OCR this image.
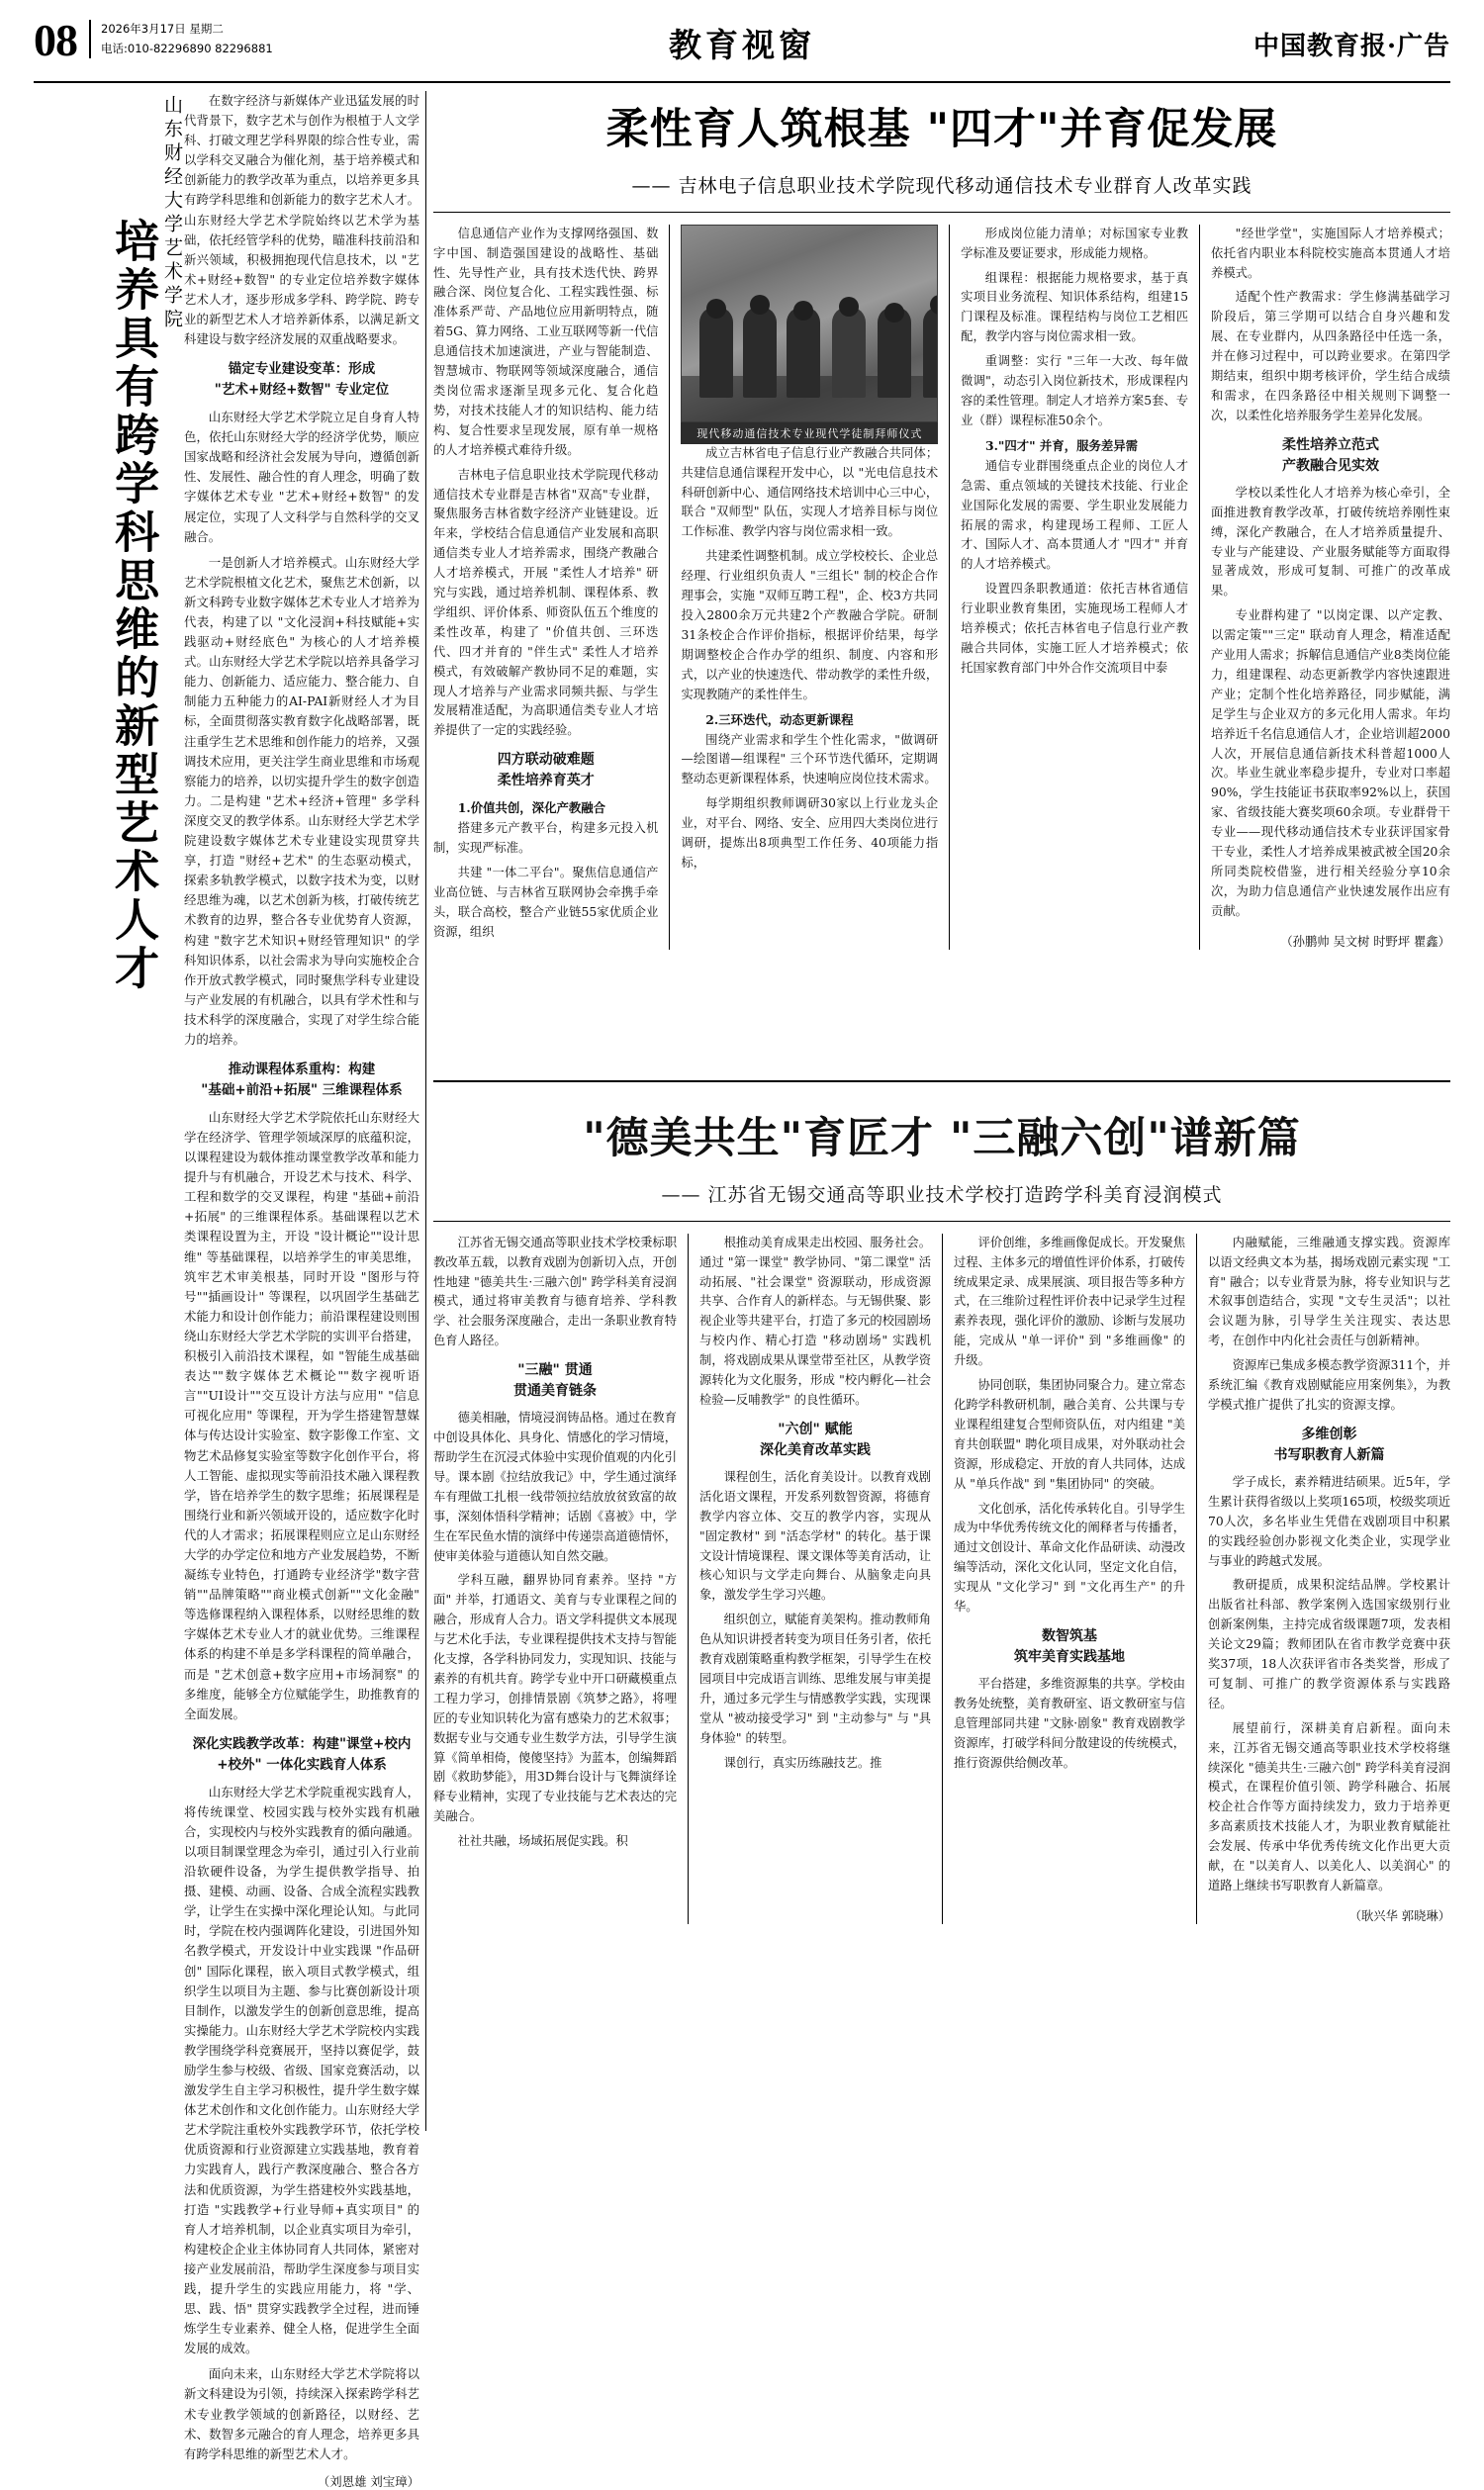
08 2026年3月17日 星期二
电话:010-82296890 82296881	教育视窗	中国教育报·广告
山东财经大学艺术学院
培养具有跨学科思维的新型艺术人才

在数字经济与新媒体产业迅猛发展的时代背景下，数字艺术与创作为根植于人文学科、打破文理艺学科界限的综合性专业，需以学科交叉融合为催化剂，基于培养模式和创新能力的教学改革为重点，以培养更多具有跨学科思维和创新能力的数字艺术人才。山东财经大学艺术学院始终以艺术学为基础，依托经管学科的优势，瞄准科技前沿和新兴领域，积极拥抱现代信息技术，以 "艺术+财经+数智" 的专业定位培养数字媒体艺术人才，逐步形成多学科、跨学院、跨专业的新型艺术人才培养新体系，以满足新文科建设与数字经济发展的双重战略要求。

锚定专业建设变革：形成
"艺术+财经+数智" 专业定位

山东财经大学艺术学院立足自身育人特色，依托山东财经大学的经济学优势，顺应国家战略和经济社会发展为导向，遵循创新性、发展性、融合性的育人理念，明确了数字媒体艺术专业 "艺术+财经+数智" 的发展定位，实现了人文科学与自然科学的交叉融合。

一是创新人才培养模式。山东财经大学艺术学院根植文化艺术，聚焦艺术创新，以新文科跨专业数字媒体艺术专业人才培养为代表，构建了以 "文化浸润+科技赋能+实践驱动+财经底色" 为核心的人才培养模式。山东财经大学艺术学院以培养具备学习能力、创新能力、适应能力、整合能力、自制能力五种能力的AI-PAI新财经人才为目标，全面贯彻落实教育数字化战略部署，既注重学生艺术思维和创作能力的培养，又强调技术应用，更关注学生商业思维和市场观察能力的培养，以切实提升学生的数字创造力。二是构建 "艺术+经济+管理" 多学科深度交叉的教学体系。山东财经大学艺术学院建设数字媒体艺术专业建设实现贯穿共享，打造 "财经+艺术" 的生态驱动模式，探索多轨教学模式，以数字技术为变，以财经思维为魂，以艺术创新为核，打破传统艺术教育的边界，整合各专业优势育人资源，构建 "数字艺术知识+财经管理知识" 的学科知识体系，以社会需求为导向实施校企合作开放式教学模式，同时聚焦学科专业建设与产业发展的有机融合，以具有学术性和与技术科学的深度融合，实现了对学生综合能力的培养。

推动课程体系重构：构建
"基础+前沿+拓展" 三维课程体系

山东财经大学艺术学院依托山东财经大学在经济学、管理学领域深厚的底蕴积淀，以课程建设为载体推动课堂教学改革和能力提升与有机融合，开设艺术与技术、科学、工程和数学的交叉课程，构建 "基础+前沿+拓展" 的三维课程体系。基础课程以艺术类课程设置为主，开设 "设计概论""设计思维" 等基础课程，以培养学生的审美思维，筑牢艺术审美根基，同时开设 "图形与符号""插画设计" 等课程，以巩固学生基础艺术能力和设计创作能力；前沿课程建设则围绕山东财经大学艺术学院的实训平台搭建，积极引入前沿技术课程，如 "智能生成基础表达""数字媒体艺术概论""数字视听语言""UI设计""交互设计方法与应用" "信息可视化应用" 等课程，开为学生搭建智慧媒体与传达设计实验室、数字影像工作室、文物艺术品修复实验室等数字化创作平台，将人工智能、虚拟现实等前沿技术融入课程教学，皆在培养学生的数字思维；拓展课程是围绕行业和新兴领域开设的，适应数字化时代的人才需求；拓展课程则应立足山东财经大学的办学定位和地方产业发展趋势，不断凝练专业特色，打通跨专业经济学"数字营销""品牌策略""商业模式创新""文化金融" 等选修课程纳入课程体系，以财经思维的数字媒体艺术专业人才的就业优势。三维课程体系的构建不单是多学科课程的简单融合，而是 "艺术创意+数字应用+市场洞察" 的多维度，能够全方位赋能学生，助推教育的全面发展。

深化实践教学改革：构建"课堂+校内+校外" 一体化实践育人体系

山东财经大学艺术学院重视实践育人，将传统课堂、校园实践与校外实践有机融合，实现校内与校外实践教育的循向融通。以项目制课堂理念为牵引，通过引入行业前沿软硬件设备，为学生提供教学指导、拍摄、建模、动画、设备、合成全流程实践教学，让学生在实操中深化理论认知。与此同时，学院在校内强调阵化建设，引进国外知名教学模式，开发设计中业实践课 "作品研创" 国际化课程，嵌入项目式教学模式，组织学生以项目为主题、参与比赛创新设计项目制作，以激发学生的创新创意思维，提高实操能力。山东财经大学艺术学院校内实践教学围绕学科竞赛展开，坚持以赛促学，鼓励学生参与校级、省级、国家竞赛活动，以激发学生自主学习积极性，提升学生数字媒体艺术创作和文化创作能力。山东财经大学艺术学院注重校外实践教学环节，依托学校优质资源和行业资源建立实践基地，教育着力实践育人，践行产教深度融合、整合各方法和优质资源，为学生搭建校外实践基地，打造 "实践教学+行业导师+真实项目" 的育人才培养机制，以企业真实项目为牵引，构建校企企业主体协同育人共同体，紧密对接产业发展前沿，帮助学生深度参与项目实践，提升学生的实践应用能力，将 "学、思、践、悟" 贯穿实践教学全过程，进而锤炼学生专业素养、健全人格，促进学生全面发展的成效。

面向未来，山东财经大学艺术学院将以新文科建设为引领，持续深入探索跨学科艺术专业教学领域的创新路径，以财经、艺术、数智多元融合的育人理念，培养更多具有跨学科思维的新型艺术人才。

（刘恩雄 刘宝璋）
柔性育人筑根基 "四才"并育促发展
—— 吉林电子信息职业技术学院现代移动通信技术专业群育人改革实践

信息通信产业作为支撑网络强国、数字中国、制造强国建设的战略性、基础性、先导性产业，具有技术迭代快、跨界融合深、岗位复合化、工程实践性强、标准体系严苛、产品地位应用新明特点，随着5G、算力网络、工业互联网等新一代信息通信技术加速演进，产业与智能制造、智慧城市、物联网等领域深度融合，通信类岗位需求逐渐呈现多元化、复合化趋势，对技术技能人才的知识结构、能力结构、复合性要求呈现发展，原有单一规格的人才培养模式难待升级。

吉林电子信息职业技术学院现代移动通信技术专业群是吉林省"双高"专业群，聚焦服务吉林省数字经济产业链建设。近年来，学校结合信息通信产业发展和高职通信类专业人才培养需求，围绕产教融合人才培养模式，开展 "柔性人才培养" 研究与实践，通过培养机制、课程体系、教学组织、评价体系、师资队伍五个维度的柔性改革，构建了 "价值共创、三环迭代、四才并育的 "伴生式" 柔性人才培养模式，有效破解产教协同不足的难题，实现人才培养与产业需求同频共振、与学生发展精准适配，为高职通信类专业人才培养提供了一定的实践经验。

四方联动破难题
柔性培养育英才
1.价值共创，深化产教融合

搭建多元产教平台，构建多元投入机制，实现严标准。

共建 "一体二平台"。聚焦信息通信产业高位链、与吉林省互联网协会牵携手牵头，联合高校，整合产业链55家优质企业资源，组织

现代移动通信技术专业现代学徒制拜师仪式

成立吉林省电子信息行业产教融合共同体；共建信息通信课程开发中心，以 "光电信息技术科研创新中心、通信网络技术培训中心三中心，联合 "双师型" 队伍，实现人才培养目标与岗位工作标准、教学内容与岗位需求相一致。

共建柔性调整机制。成立学校校长、企业总经理、行业组织负责人 "三组长" 制的校企合作理事会，实施 "双师互聘工程"，企、校3方共同投入2800余万元共建2个产教融合学院。研制31条校企合作评价指标，根据评价结果，每学期调整校企合作办学的组织、制度、内容和形式，以产业的快速迭代、带动教学的柔性升级，实现教随产的柔性伴生。

2.三环迭代，动态更新课程

围绕产业需求和学生个性化需求，"做调研—绘图谱—组课程" 三个环节迭代循环，定期调整动态更新课程体系，快速响应岗位技术需求。

每学期组织教师调研30家以上行业龙头企业，对平台、网络、安全、应用四大类岗位进行调研，提炼出8项典型工作任务、40项能力指标，

形成岗位能力清单；对标国家专业教学标准及要证要求，形成能力规格。

组课程：根据能力规格要求，基于真实项目业务流程、知识体系结构，组建15门课程及标准。课程结构与岗位工艺相匹配，教学内容与岗位需求相一致。

重调整：实行 "三年一大改、每年做微调"，动态引入岗位新技术，形成课程内容的柔性管理。制定人才培养方案5套、专业（群）课程标准50余个。

3."四才" 并育，服务差异需

通信专业群围绕重点企业的岗位人才急需、重点领域的关键技术技能、行业企业国际化发展的需要、学生职业发展能力拓展的需求，构建现场工程师、工匠人才、国际人才、高本贯通人才 "四才" 并育的人才培养模式。

设置四条职教通道：依托吉林省通信行业职业教育集团，实施现场工程师人才培养模式；依托吉林省电子信息行业产教融合共同体，实施工匠人才培养模式；依托国家教育部门中外合作交流项目中泰

"经世学堂"，实施国际人才培养模式；依托省内职业本科院校实施高本贯通人才培养模式。

适配个性产教需求：学生修满基础学习阶段后，第三学期可以结合自身兴趣和发展、在专业群内，从四条路径中任选一条，并在修习过程中，可以跨业要求。在第四学期结束，组织中期考核评价，学生结合成绩和需求，在四条路径中相关规则下调整一次，以柔性化培养服务学生差异化发展。

柔性培养立范式
产教融合见实效

学校以柔性化人才培养为核心牵引，全面推进教育教学改革，打破传统培养刚性束缚，深化产教融合，在人才培养质量提升、专业与产能建设、产业服务赋能等方面取得显著成效，形成可复制、可推广的改革成果。

专业群构建了 "以岗定课、以产定教、以需定策""三定" 联动育人理念，精准适配产业用人需求；拆解信息通信产业8类岗位能力，组建课程、动态更新教学内容快速跟进产业；定制个性化培养路径，同步赋能，满足学生与企业双方的多元化用人需求。年均培养近千名信息通信人才，企业培训超2000人次，开展信息通信新技术科普超1000人次。毕业生就业率稳步提升，专业对口率超90%，学生技能证书获取率92%以上，获国家、省级技能大赛奖项60余项。专业群骨干专业——现代移动通信技术专业获评国家骨干专业，柔性人才培养成果被武被全国20余所同类院校借鉴，进行相关经验分享10余次，为助力信息通信产业快速发展作出应有贡献。

（孙鹏帅 吴文树 时野坪 瞿鑫）
"德美共生"育匠才 "三融六创"谱新篇
—— 江苏省无锡交通高等职业技术学校打造跨学科美育浸润模式

江苏省无锡交通高等职业技术学校秉标职教改革五载，以教育戏剧为创新切入点，开创性地建 "德美共生·三融六创" 跨学科美育浸润模式，通过将审美教育与德育培养、学科教学、社会服务深度融合，走出一条职业教育特色育人路径。

"三融" 贯通
贯通美育链条

德美相融，情境浸润铸品格。通过在教育中创设具体化、具身化、情感化的学习情境，帮助学生在沉浸式体验中实现价值观的内化引导。课本剧《拉结放我记》中，学生通过演绎车有理做工扎根一线带领拉结放放贫致富的故事，深刻体悟科学精神；话剧《喜被》中，学生在军民鱼水情的演绎中传递崇高道德情怀，使审美体验与道德认知自然交融。

学科互融，翻界协同育素养。坚持 "方面" 并举，打通语文、美育与专业课程之间的融合，形成育人合力。语文学科提供文本展现与艺术化手法，专业课程提供技术支持与智能化支撑，各学科协同发力，实现知识、技能与素养的有机共育。跨学专业中开口研藏模重点工程力学习，创排情景剧《筑梦之路》，将哩匠的专业知识转化为富有感染力的艺术叙事；数据专业与交通专业生数学方法，引导学生演算《简单相倚，傻傻坚持》为蓝本，创编舞蹈剧《救助梦能》，用3D舞台设计与飞舞演绎诠释专业精神，实现了专业技能与艺术表达的完美融合。

社社共融，场域拓展促实践。积

根推动美育成果走出校园、服务社会。通过 "第一课堂" 教学协同、"第二课堂" 活动拓展、"社会课堂" 资源联动，形成资源共享、合作育人的新样态。与无锡供聚、影视企业等共建平台，打造了多元的校园剧场与校内作、精心打造 "移动剧场" 实践机制，将戏剧成果从课堂带至社区，从教学资源转化为文化服务，形成 "校内孵化—社会检验—反哺教学" 的良性循环。

"六创" 赋能
深化美育改革实践

课程创生，活化育美设计。以教育戏剧活化语文课程，开发系列数智资源，将德育教学内容立体、交互的教学内容，实现从 "固定教材" 到 "活态学材" 的转化。基于课文设计情境课程、课文课体等美育活动，让核心知识与文学走向舞台、从脑象走向具象，激发学生学习兴趣。

组织创立，赋能育美架构。推动教师角色从知识讲授者转变为项目任务引者，依托教育戏剧策略重构教学框架，引导学生在校园项目中完成语言训练、思维发展与审美提升，通过多元学生与情感教学实践，实现课堂从 "被动接受学习" 到 "主动参与" 与 "具身体验" 的转型。

课创行，真实历练融技艺。推

评价创维，多维画像促成长。开发聚焦过程、主体多元的增值性评价体系，打破传统成果定录、成果展演、项目报告等多种方式，在三维阶过程性评价表中记录学生过程素养表现，强化评价的激励、诊断与发展功能，完成从 "单一评价" 到 "多维画像" 的升级。

协同创联，集团协同聚合力。建立常态化跨学科教研机制，融合美育、公共课与专业课程组建复合型师资队伍，对内组建 "美育共创联盟" 聘化项目成果，对外联动社会资源，形成稳定、开放的育人共同体，达成从 "单兵作战" 到 "集团协同" 的突破。

文化创承，活化传承转化自。引导学生成为中华优秀传统文化的阐释者与传播者，通过文创设计、革命文化作品研读、动漫改编等活动，深化文化认同，坚定文化自信，实现从 "文化学习" 到 "文化再生产" 的升华。

数智筑基
筑牢美育实践基地

平台搭建，多维资源集的共享。学校由教务处统整，美育教研室、语文教研室与信息管理部同共建 "文脉·剧象" 教育戏剧教学资源库，打破学科间分散建设的传统模式，推行资源供给侧改革。

内融赋能，三维融通支撑实践。资源库以语文经典文本为基，揭场戏剧元素实现 "工育" 融合；以专业背景为脉，将专业知识与艺术叙事创造结合，实现 "文专生灵活"；以社会议题为脉，引导学生关注现实、表达思考，在创作中内化社会责任与创新精神。

资源库已集成多模态教学资源311个，并系统汇编《教育戏剧赋能应用案例集》，为教学模式推广提供了扎实的资源支撑。

多维创彰
书写职教育人新篇

学子成长，素养精进结硕果。近5年，学生累计获得省级以上奖项165项，校级奖项近70人次，多名毕业生凭借在戏剧项目中积累的实践经验创办影视文化类企业，实现学业与事业的跨越式发展。

教研提质，成果积淀结品牌。学校累计出版省社科部、教学案例入选国家级别行业创新案例集，主持完成省级课题7项，发表相关论文29篇；教师团队在省市教学竞赛中获奖37项，18人次获评省市各类奖誉，形成了可复制、可推广的教学资源体系与实践路径。

展望前行，深耕美育启新程。面向未来，江苏省无锡交通高等职业技术学校将继续深化 "德美共生·三融六创" 跨学科美育浸润模式，在课程价值引领、跨学科融合、拓展校企社合作等方面持续发力，致力于培养更多高素质技术技能人才，为职业教育赋能社会发展、传承中华优秀传统文化作出更大贡献，在 "以美育人、以美化人、以美润心" 的道路上继续书写职教育人新篇章。

（耿兴华 郭晓琳）
